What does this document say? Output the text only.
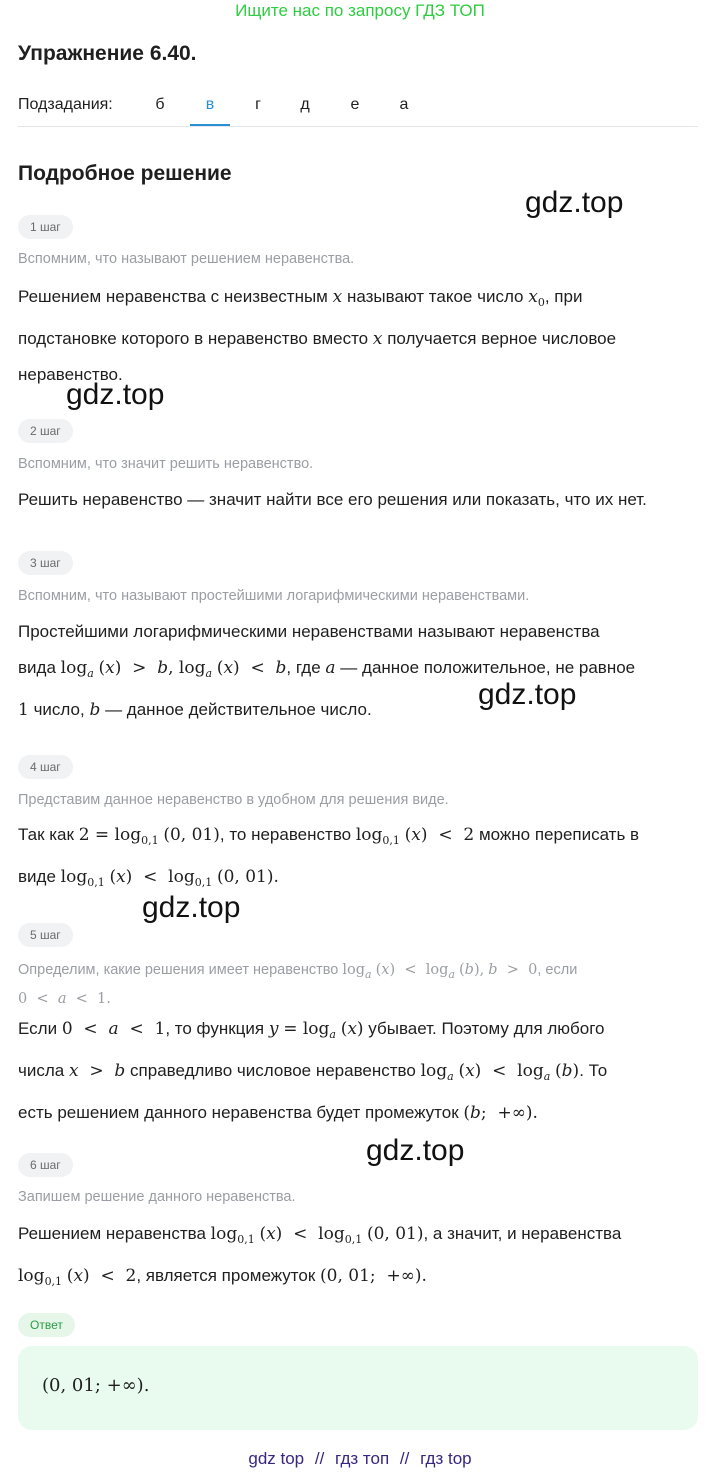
Ищите нас по запросу ГДЗ ТОП
Упражнение 6.40.
Подзадания:	б	в	г	д	е	а
Подробное решение
gdz.top
gdz.top
gdz.top
gdz.top
gdz.top
1 шаг
Вспомним, что называют решением неравенства.
Решением неравенства с неизвестным x называют такое число $x_0$, при
подстановке которого в неравенство вместо x получается верное числовое
неравенство.
2 шаг
Вспомним, что значит решить неравенство.
Решить неравенство — значит найти все его решения или показать, что их нет.
3 шаг
Вспомним, что называют простейшими логарифмическими неравенствами.
Простейшими логарифмическими неравенствами называют неравенства
вида $\log_a (x) > b$, $\log_a (x) < b$, где a — данное положительное, не равное
1 число, b — данное действительное число.
4 шаг
Представим данное неравенство в удобном для решения виде.
Так как $2 = \log_{0,1} (0$, 01), то неравенство $\log_{0,1} (x) < 2$ можно переписать в
виде $\log_{0,1} (x) < \log_{0,1} (0$, 01).
5 шаг
Определим, какие решения имеет неравенство $\log_a (x) < \log_a (b)$, b  >  0, если
0  <  a  <  1.
Если 0  <  a  <  1, то функция $y = \log_a (x)$ убывает. Поэтому для любого
числа x  >  b справедливо числовое неравенство $\log_a (x) < \log_a (b)$. То
есть решением данного неравенства будет промежуток (b;  +∞).
6 шаг
Запишем решение данного неравенства.
Решением неравенства $\log_{0,1} (x) < \log_{0,1} (0$, 01), а значит, и неравенства
$\log_{0,1} (x) < 2$, является промежуток (0, 01;  +∞).
Ответ
(0, 01; +∞).
gdz top // гдз топ // гдз top
